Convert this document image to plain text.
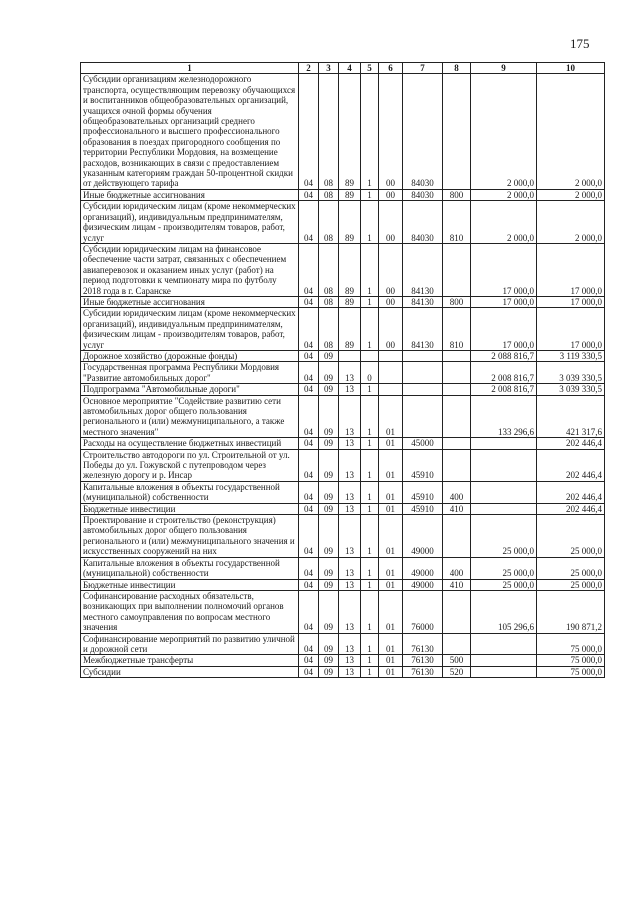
175
1	2	3	4	5	6	7	8	9	10
Субсидии организациям железнодорожного транспорта, осуществляющим перевозку обучающихся и воспитанников общеобразовательных организаций, учащихся очной формы обучения общеобразовательных организаций среднего профессионального и высшего профессионального образования в поездах пригородного сообщения по территории Республики Мордовия, на возмещение расходов, возникающих в связи с предоставлением указанным категориям граждан 50-процентной скидки от действующего тарифа	04	08	89	1	00	84030		2 000,0	2 000,0
Иные бюджетные ассигнования	04	08	89	1	00	84030	800	2 000,0	2 000,0
Субсидии юридическим лицам (кроме некоммерческих организаций), индивидуальным предпринимателям, физическим лицам - производителям товаров, работ, услуг	04	08	89	1	00	84030	810	2 000,0	2 000,0
Субсидии юридическим лицам на финансовое обеспечение части затрат, связанных с обеспечением авиаперевозок и оказанием иных услуг (работ) на период подготовки к чемпионату мира по футболу 2018 года в г. Саранске	04	08	89	1	00	84130		17 000,0	17 000,0
Иные бюджетные ассигнования	04	08	89	1	00	84130	800	17 000,0	17 000,0
Субсидии юридическим лицам (кроме некоммерческих организаций), индивидуальным предпринимателям, физическим лицам - производителям товаров, работ, услуг	04	08	89	1	00	84130	810	17 000,0	17 000,0
Дорожное хозяйство (дорожные фонды)	04	09						2 088 816,7	3 119 330,5
Государственная программа Республики Мордовия "Развитие автомобильных дорог"	04	09	13	0				2 008 816,7	3 039 330,5
Подпрограмма "Автомобильные дороги"	04	09	13	1				2 008 816,7	3 039 330,5
Основное мероприятие "Содействие развитию сети автомобильных дорог общего пользования регионального и (или) межмуниципального, а также местного значения"	04	09	13	1	01			133 296,6	421 317,6
Расходы на осуществление бюджетных инвестиций	04	09	13	1	01	45000			202 446,4
Строительство автодороги по ул. Строительной от ул. Победы до ул. Гожувской с путепроводом через железную дорогу и р. Инсар	04	09	13	1	01	45910			202 446,4
Капитальные вложения в объекты государственной (муниципальной) собственности	04	09	13	1	01	45910	400		202 446,4
Бюджетные инвестиции	04	09	13	1	01	45910	410		202 446,4
Проектирование и строительство (реконструкция) автомобильных дорог общего пользования регионального и (или) межмуниципального значения и искусственных сооружений на них	04	09	13	1	01	49000		25 000,0	25 000,0
Капитальные вложения в объекты государственной (муниципальной) собственности	04	09	13	1	01	49000	400	25 000,0	25 000,0
Бюджетные инвестиции	04	09	13	1	01	49000	410	25 000,0	25 000,0
Софинансирование расходных обязательств, возникающих при выполнении полномочий органов местного самоуправления по вопросам местного значения	04	09	13	1	01	76000		105 296,6	190 871,2
Софинансирование мероприятий по развитию уличной и дорожной сети	04	09	13	1	01	76130			75 000,0
Межбюджетные трансферты	04	09	13	1	01	76130	500		75 000,0
Субсидии	04	09	13	1	01	76130	520		75 000,0
